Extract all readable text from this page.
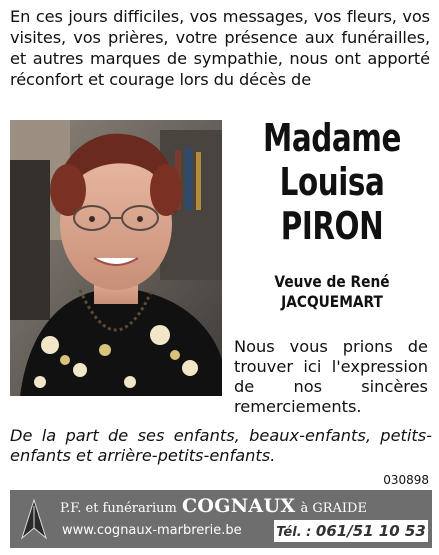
En ces jours difficiles, vos messages, vos fleurs, vos visites, vos prières, votre présence aux funérailles, et autres marques de sympathie, nous ont apporté réconfort et courage lors du décès de
Madame
Louisa
PIRON
Veuve de René
JACQUEMART
Nous vous prions de trouver ici l'expression de nos sincères remerciements.
De la part de ses enfants, beaux-enfants, petits-enfants et arrière-petits-enfants.
030898
P.F. et funérarium COGNAUX à GRAIDE
www.cognaux-marbrerie.be	Tél. : 061/51 10 53
